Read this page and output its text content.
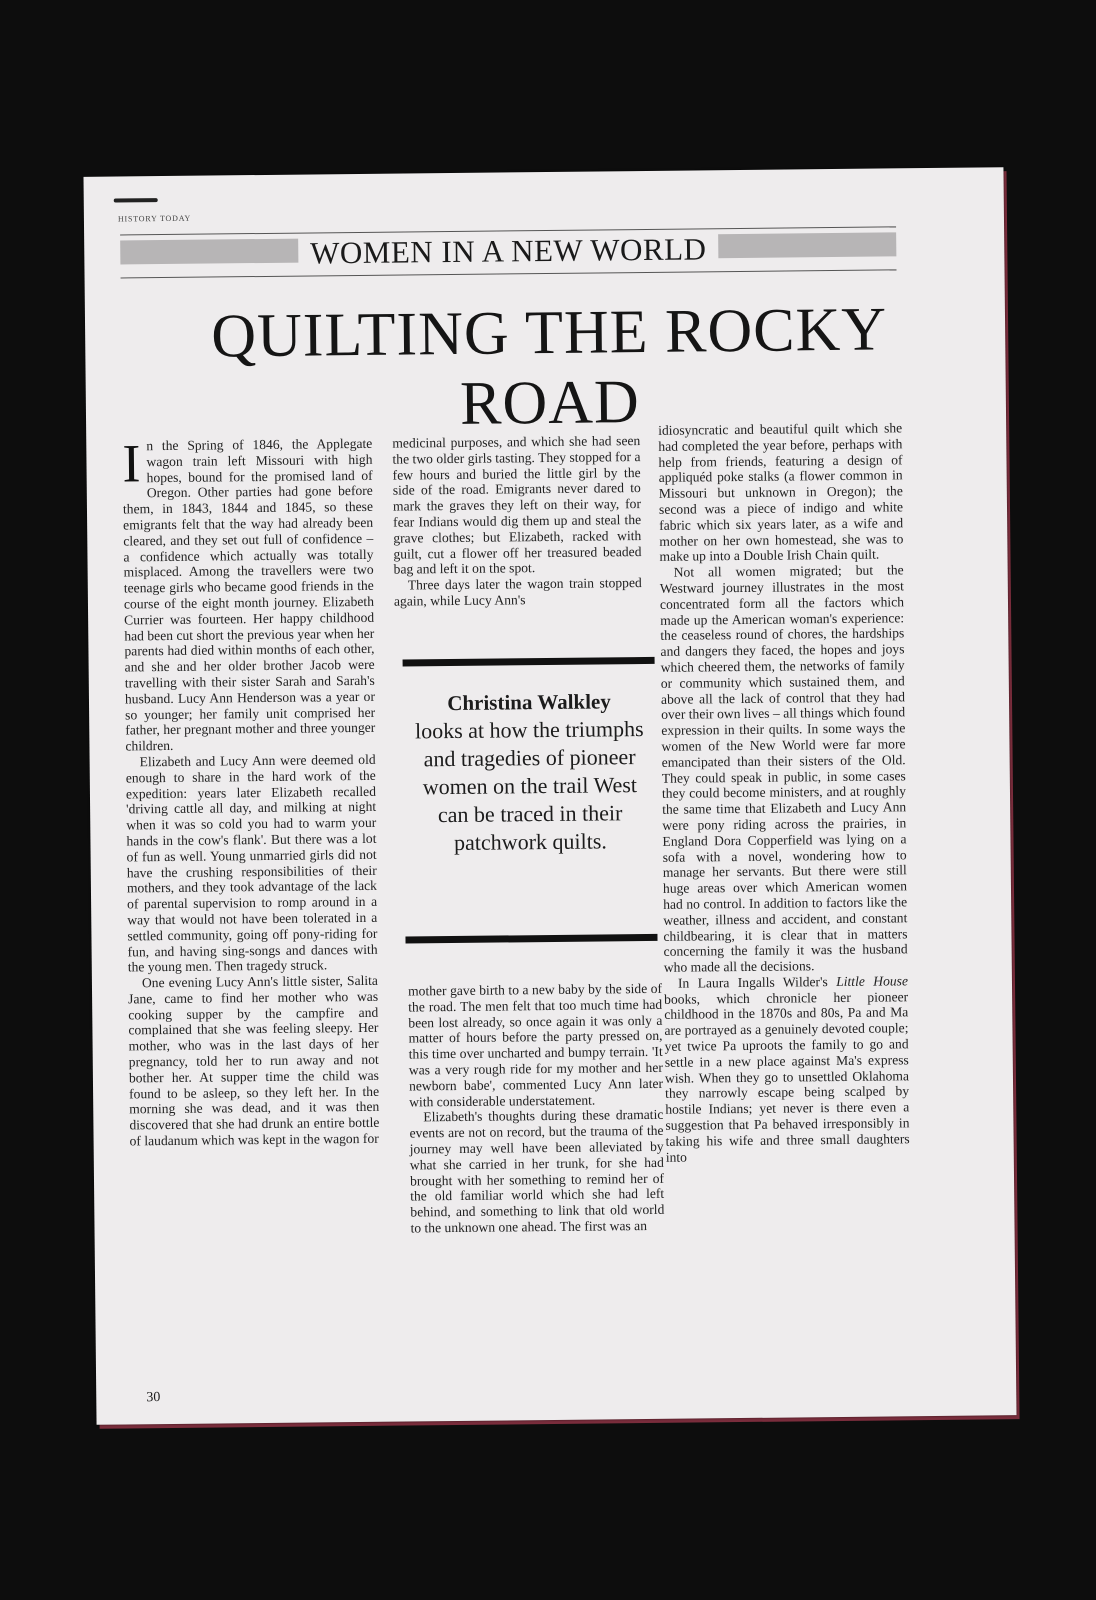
HISTORY TODAY
WOMEN IN A NEW WORLD
QUILTING THE ROCKY ROAD

In the Spring of 1846, the Applegate wagon train left Missouri with high hopes, bound for the promised land of Oregon. Other parties had gone before them, in 1843, 1844 and 1845, so these emigrants felt that the way had already been cleared, and they set out full of confidence – a confidence which actually was totally misplaced. Among the travellers were two teenage girls who became good friends in the course of the eight month journey. Elizabeth Currier was fourteen. Her happy childhood had been cut short the previous year when her parents had died within months of each other, and she and her older brother Jacob were travelling with their sister Sarah and Sarah's husband. Lucy Ann Henderson was a year or so younger; her family unit comprised her father, her pregnant mother and three younger children.

Elizabeth and Lucy Ann were deemed old enough to share in the hard work of the expedition: years later Elizabeth recalled 'driving cattle all day, and milking at night when it was so cold you had to warm your hands in the cow's flank'. But there was a lot of fun as well. Young unmarried girls did not have the crushing responsibilities of their mothers, and they took advantage of the lack of parental supervision to romp around in a way that would not have been tolerated in a settled community, going off pony-riding for fun, and having sing-songs and dances with the young men. Then tragedy struck.

One evening Lucy Ann's little sister, Salita Jane, came to find her mother who was cooking supper by the campfire and complained that she was feeling sleepy. Her mother, who was in the last days of her pregnancy, told her to run away and not bother her. At supper time the child was found to be asleep, so they left her. In the morning she was dead, and it was then discovered that she had drunk an entire bottle of laudanum which was kept in the wagon for

medicinal purposes, and which she had seen the two older girls tasting. They stopped for a few hours and buried the little girl by the side of the road. Emigrants never dared to mark the graves they left on their way, for fear Indians would dig them up and steal the grave clothes; but Elizabeth, racked with guilt, cut a flower off her treasured beaded bag and left it on the spot.

Three days later the wagon train stopped again, while Lucy Ann's

Christina Walkley
looks at how the triumphs and tragedies of pioneer women on the trail West can be traced in their patchwork quilts.

mother gave birth to a new baby by the side of the road. The men felt that too much time had been lost already, so once again it was only a matter of hours before the party pressed on, this time over uncharted and bumpy terrain. 'It was a very rough ride for my mother and her newborn babe', commented Lucy Ann later with considerable understatement.

Elizabeth's thoughts during these dramatic events are not on record, but the trauma of the journey may well have been alleviated by what she carried in her trunk, for she had brought with her something to remind her of the old familiar world which she had left behind, and something to link that old world to the unknown one ahead. The first was an

idiosyncratic and beautiful quilt which she had completed the year before, perhaps with help from friends, featuring a design of appliquéd poke stalks (a flower common in Missouri but unknown in Oregon); the second was a piece of indigo and white fabric which six years later, as a wife and mother on her own homestead, she was to make up into a Double Irish Chain quilt.

Not all women migrated; but the Westward journey illustrates in the most concentrated form all the factors which made up the American woman's experience: the ceaseless round of chores, the hardships and dangers they faced, the hopes and joys which cheered them, the networks of family or community which sustained them, and above all the lack of control that they had over their own lives – all things which found expression in their quilts. In some ways the women of the New World were far more emancipated than their sisters of the Old. They could speak in public, in some cases they could become ministers, and at roughly the same time that Elizabeth and Lucy Ann were pony riding across the prairies, in England Dora Copperfield was lying on a sofa with a novel, wondering how to manage her servants. But there were still huge areas over which American women had no control. In addition to factors like the weather, illness and accident, and constant childbearing, it is clear that in matters concerning the family it was the husband who made all the decisions.

In Laura Ingalls Wilder's Little House books, which chronicle her pioneer childhood in the 1870s and 80s, Pa and Ma are portrayed as a genuinely devoted couple; yet twice Pa uproots the family to go and settle in a new place against Ma's express wish. When they go to unsettled Oklahoma they narrowly escape being scalped by hostile Indians; yet never is there even a suggestion that Pa behaved irresponsibly in taking his wife and three small daughters into

30
